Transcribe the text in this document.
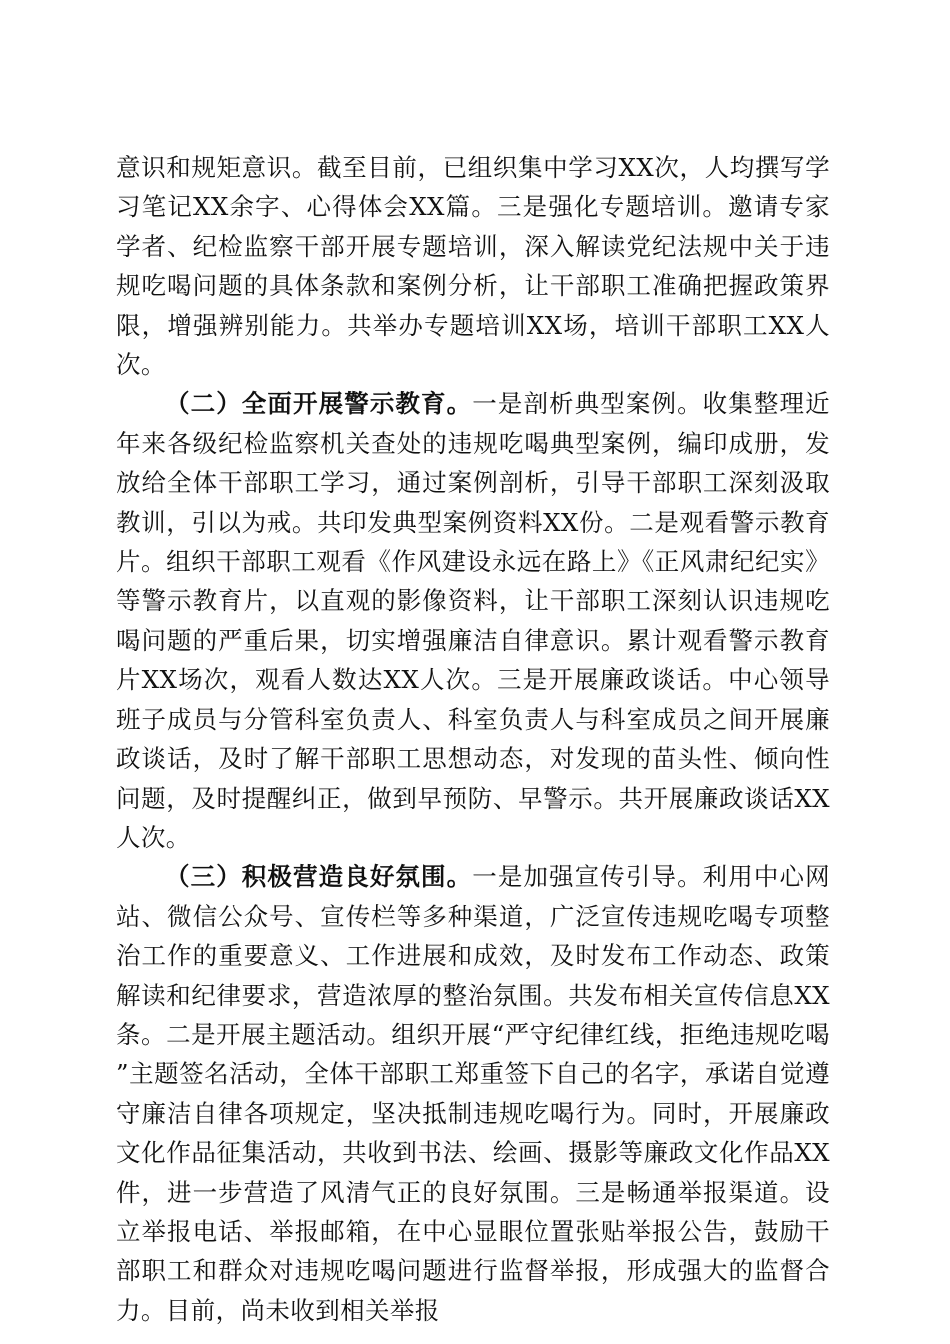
意识和规矩意识。截至目前，已组织集中学习XX次，人均撰写学习笔记XX余字、心得体会XX篇。三是强化专题培训。邀请专家学者、纪检监察干部开展专题培训，深入解读党纪法规中关于违规吃喝问题的具体条款和案例分析，让干部职工准确把握政策界限，增强辨别能力。共举办专题培训XX场，培训干部职工XX人次。

（二）全面开展警示教育。一是剖析典型案例。收集整理近年来各级纪检监察机关查处的违规吃喝典型案例，编印成册，发放给全体干部职工学习，通过案例剖析，引导干部职工深刻汲取教训，引以为戒。共印发典型案例资料XX份。二是观看警示教育片。组织干部职工观看《作风建设永远在路上》《正风肃纪纪实》等警示教育片，以直观的影像资料，让干部职工深刻认识违规吃喝问题的严重后果，切实增强廉洁自律意识。累计观看警示教育片XX场次，观看人数达XX人次。三是开展廉政谈话。中心领导班子成员与分管科室负责人、科室负责人与科室成员之间开展廉政谈话，及时了解干部职工思想动态，对发现的苗头性、倾向性问题，及时提醒纠正，做到早预防、早警示。共开展廉政谈话XX人次。

（三）积极营造良好氛围。一是加强宣传引导。利用中心网站、微信公众号、宣传栏等多种渠道，广泛宣传违规吃喝专项整治工作的重要意义、工作进展和成效，及时发布工作动态、政策解读和纪律要求，营造浓厚的整治氛围。共发布相关宣传信息XX条。二是开展主题活动。组织开展“严守纪律红线，拒绝违规吃喝”主题签名活动，全体干部职工郑重签下自己的名字，承诺自觉遵守廉洁自律各项规定，坚决抵制违规吃喝行为。同时，开展廉政文化作品征集活动，共收到书法、绘画、摄影等廉政文化作品XX件，进一步营造了风清气正的良好氛围。三是畅通举报渠道。设立举报电话、举报邮箱，在中心显眼位置张贴举报公告，鼓励干部职工和群众对违规吃喝问题进行监督举报，形成强大的监督合力。目前，尚未收到相关举报
